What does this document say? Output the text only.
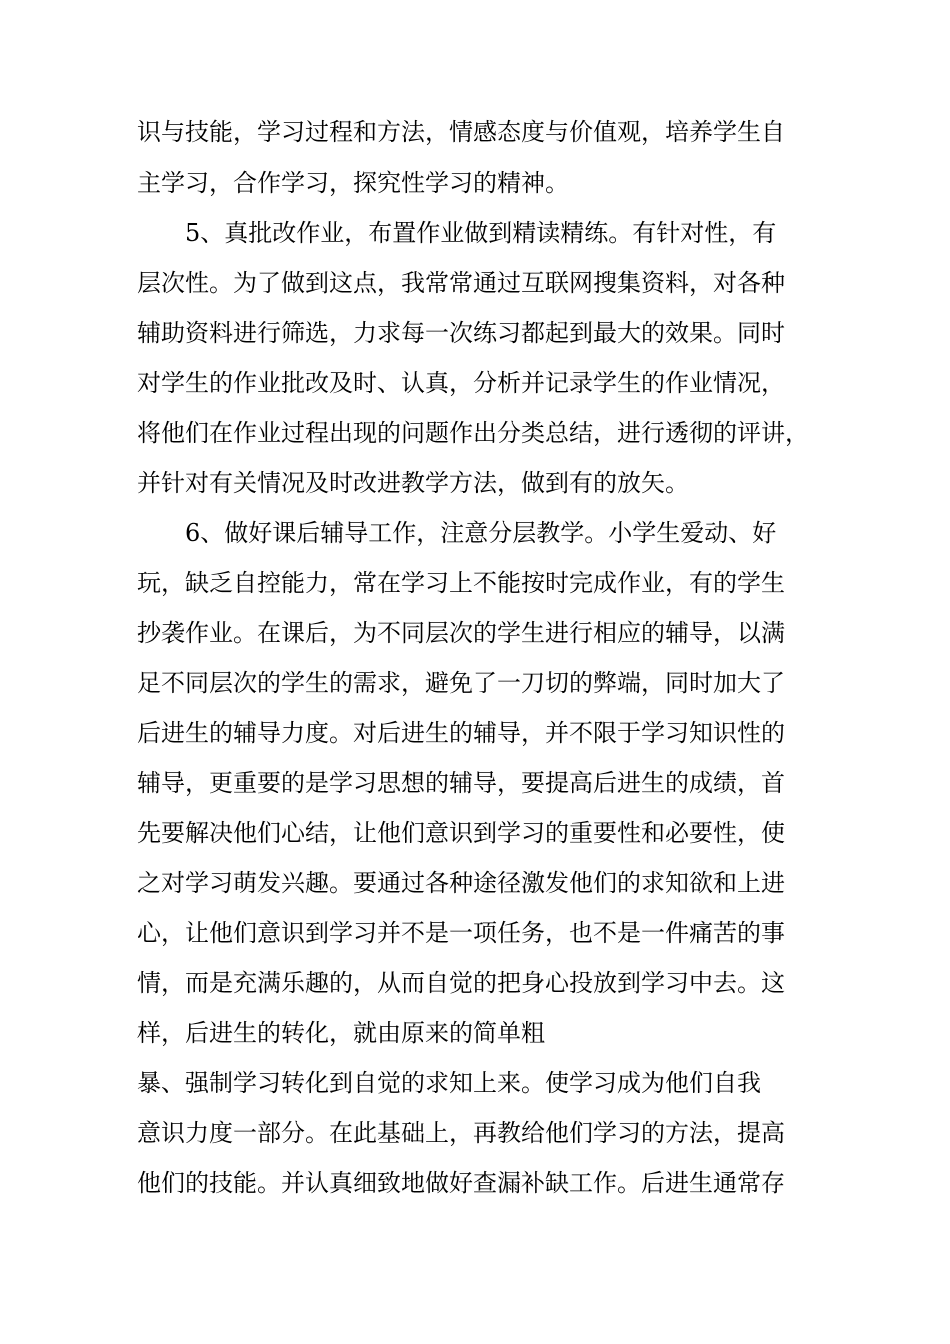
识与技能，学习过程和方法，情感态度与价值观，培养学生自

主学习，合作学习，探究性学习的精神。

　　5、真批改作业，布置作业做到精读精练。有针对性，有

层次性。为了做到这点，我常常通过互联网搜集资料，对各种

辅助资料进行筛选，力求每一次练习都起到最大的效果。同时

对学生的作业批改及时、认真，分析并记录学生的作业情况，

将他们在作业过程出现的问题作出分类总结，进行透彻的评讲，

并针对有关情况及时改进教学方法，做到有的放矢。

　　6、做好课后辅导工作，注意分层教学。小学生爱动、好

玩，缺乏自控能力，常在学习上不能按时完成作业，有的学生

抄袭作业。在课后，为不同层次的学生进行相应的辅导，以满

足不同层次的学生的需求，避免了一刀切的弊端，同时加大了

后进生的辅导力度。对后进生的辅导，并不限于学习知识性的

辅导，更重要的是学习思想的辅导，要提高后进生的成绩，首

先要解决他们心结，让他们意识到学习的重要性和必要性，使

之对学习萌发兴趣。要通过各种途径激发他们的求知欲和上进

心，让他们意识到学习并不是一项任务，也不是一件痛苦的事

情，而是充满乐趣的，从而自觉的把身心投放到学习中去。这

样，后进生的转化，就由原来的简单粗

暴、强制学习转化到自觉的求知上来。使学习成为他们自我

意识力度一部分。在此基础上，再教给他们学习的方法，提高

他们的技能。并认真细致地做好查漏补缺工作。后进生通常存
